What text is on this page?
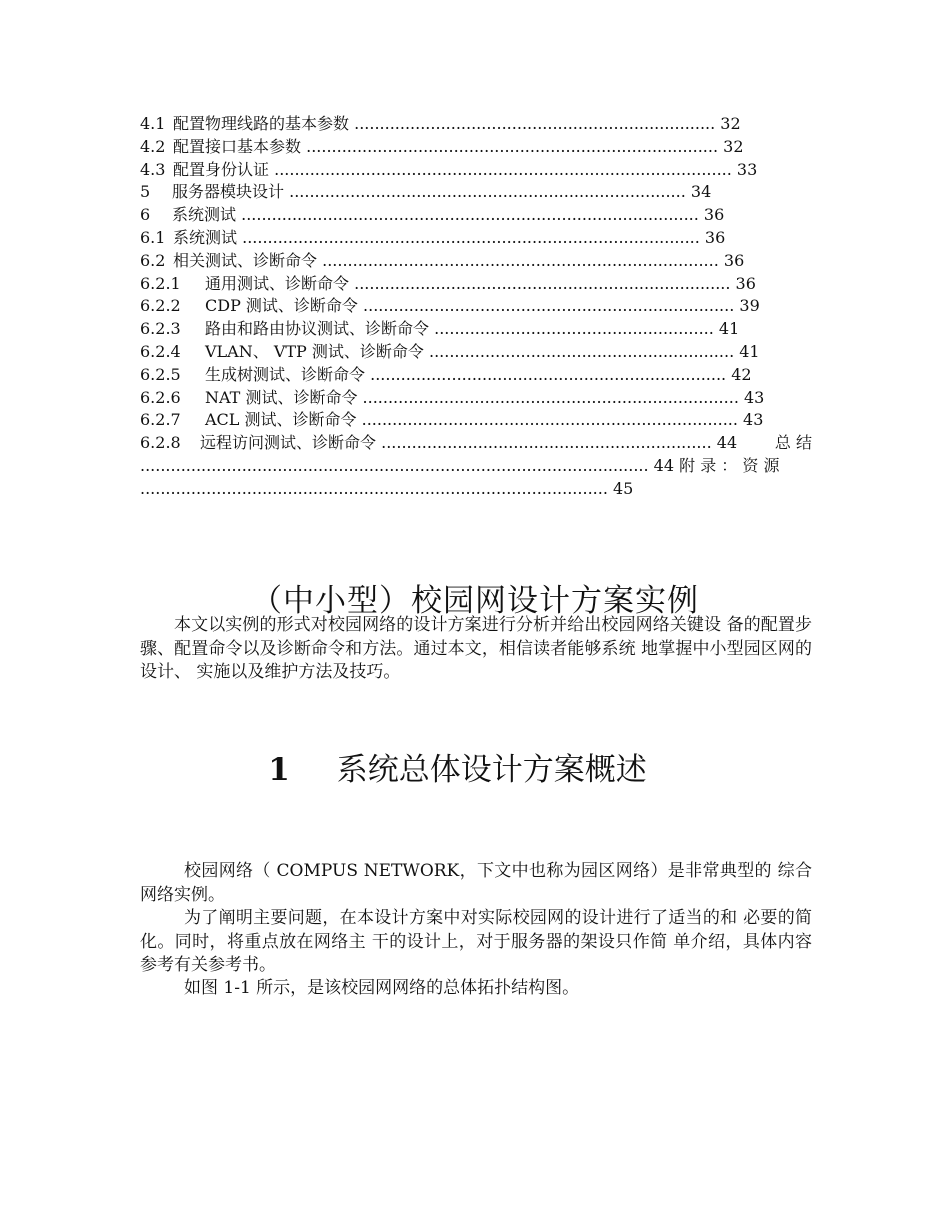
4.1 配置物理线路的基本参数 ....................................................................... 32
4.2 配置接口基本参数 ................................................................................. 32
4.3 配置身份认证 .......................................................................................... 33
5 服务器模块设计 .............................................................................. 34
6 系统测试 .......................................................................................... 36
6.1 系统测试 .......................................................................................... 36
6.2 相关测试、诊断命令 .............................................................................. 36
6.2.1 通用测试、诊断命令 .......................................................................... 36
6.2.2 CDP 测试、诊断命令 ......................................................................... 39
6.2.3 路由和路由协议测试、诊断命令 ....................................................... 41
6.2.4 VLAN、 VTP 测试、诊断命令 ............................................................ 41
6.2.5 生成树测试、诊断命令 ...................................................................... 42
6.2.6 NAT 测试、诊断命令 .......................................................................... 43
6.2.7 ACL 测试、诊断命令 .......................................................................... 43
6.2.8 远程访问测试、诊断命令 ................................................................. 44 总 结
.................................................................................................... 44 附 录 ： 资 源
............................................................................................ 45
（中小型）校园网设计方案实例

本文以实例的形式对校园网络的设计方案进行分析并给出校园网络关键设 备的配置步骤、配置命令以及诊断命令和方法。通过本文，相信读者能够系统 地掌握中小型园区网的设计、 实施以及维护方法及技巧。

1 系统总体设计方案概述

校园网络（ COMPUS NETWORK，下文中也称为园区网络）是非常典型的 综合网络实例。

为了阐明主要问题，在本设计方案中对实际校园网的设计进行了适当的和 必要的简化。同时，将重点放在网络主 干的设计上，对于服务器的架设只作简 单介绍，具体内容参考有关参考书。

如图 1-1 所示，是该校园网网络的总体拓扑结构图。
